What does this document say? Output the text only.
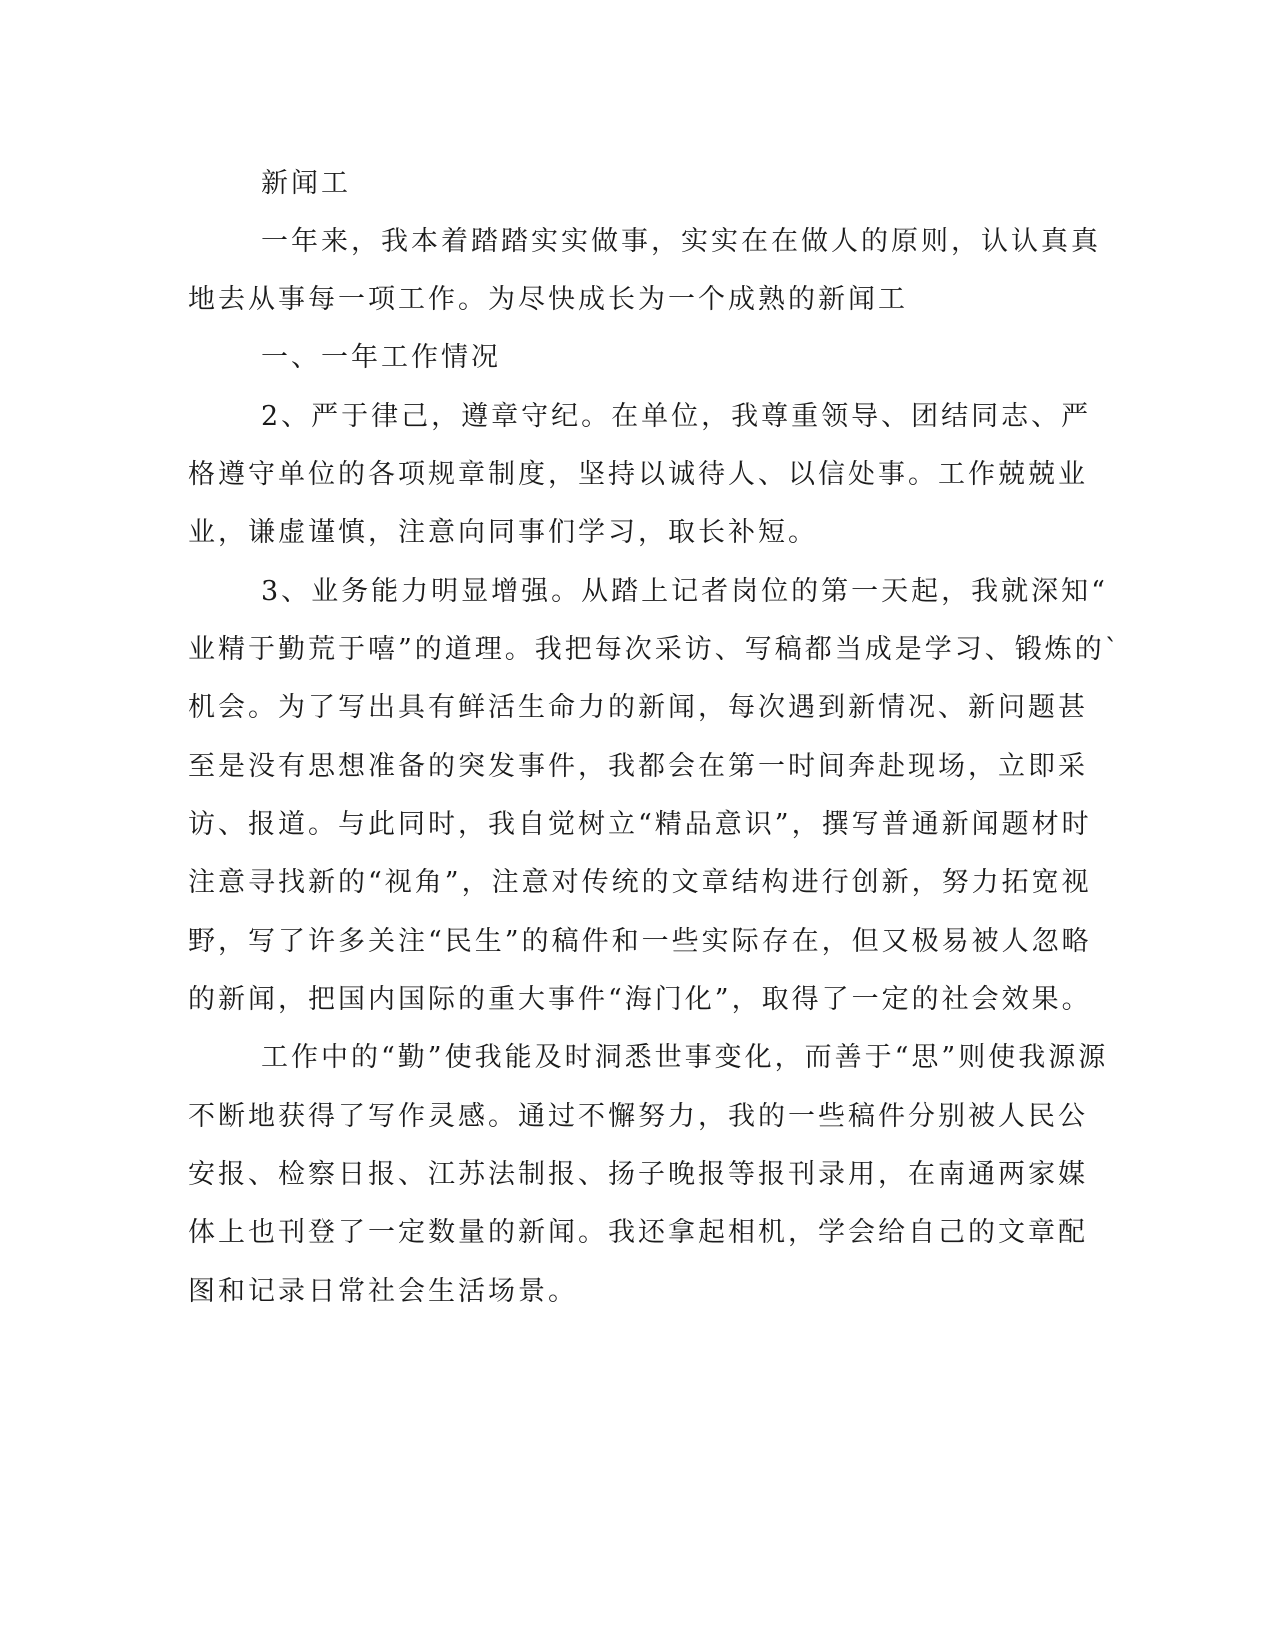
新闻工
一年来，我本着踏踏实实做事，实实在在做人的原则，认认真真
地去从事每一项工作。为尽快成长为一个成熟的新闻工
一、一年工作情况
2、严于律己，遵章守纪。在单位，我尊重领导、团结同志、严
格遵守单位的各项规章制度，坚持以诚待人、以信处事。工作兢兢业
业，谦虚谨慎，注意向同事们学习，取长补短。
3、业务能力明显增强。从踏上记者岗位的第一天起，我就深知“
业精于勤荒于嘻”的道理。我把每次采访、写稿都当成是学习、锻炼的`
机会。为了写出具有鲜活生命力的新闻，每次遇到新情况、新问题甚
至是没有思想准备的突发事件，我都会在第一时间奔赴现场，立即采
访、报道。与此同时，我自觉树立“精品意识”，撰写普通新闻题材时
注意寻找新的“视角”，注意对传统的文章结构进行创新，努力拓宽视
野，写了许多关注“民生”的稿件和一些实际存在，但又极易被人忽略
的新闻，把国内国际的重大事件“海门化”，取得了一定的社会效果。
工作中的“勤”使我能及时洞悉世事变化，而善于“思”则使我源源
不断地获得了写作灵感。通过不懈努力，我的一些稿件分别被人民公
安报、检察日报、江苏法制报、扬子晚报等报刊录用，在南通两家媒
体上也刊登了一定数量的新闻。我还拿起相机，学会给自己的文章配
图和记录日常社会生活场景。
